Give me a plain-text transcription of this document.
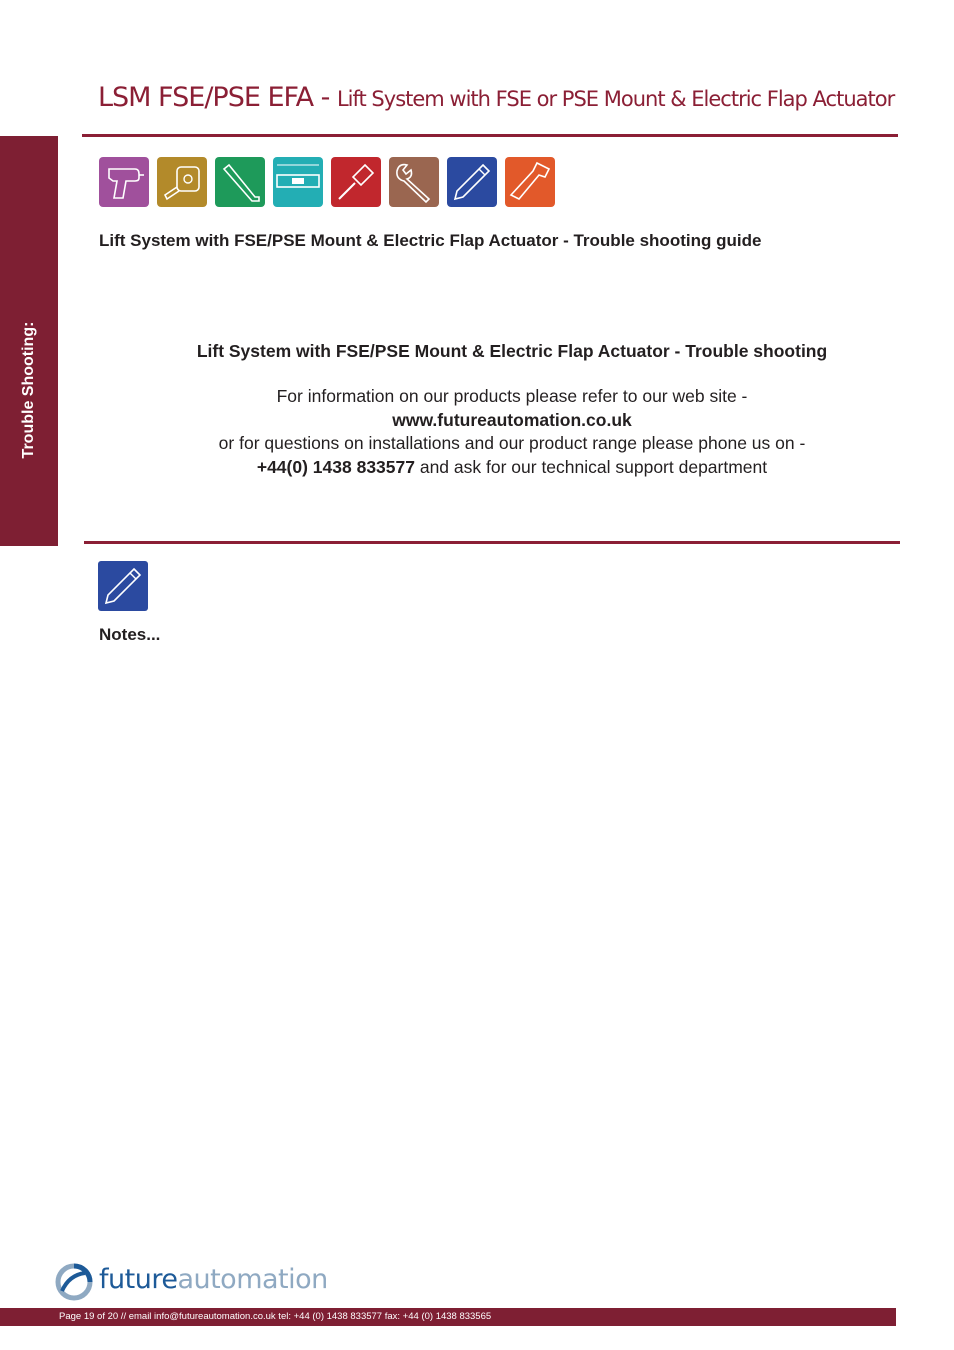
LSM FSE/PSE EFA - Lift System with FSE or PSE Mount & Electric Flap Actuator
Trouble Shooting:
Lift System with FSE/PSE Mount & Electric Flap Actuator - Trouble shooting guide
Lift System with FSE/PSE Mount & Electric Flap Actuator - Trouble shooting
For information on our products please refer to our web site -
www.futureautomation.co.uk
or for questions on installations and our product range please phone us on -
+44(0) 1438 833577 and ask for our technical support department
Notes...
futureautomation
Page 19 of 20 // email info@futureautomation.co.uk tel: +44 (0) 1438 833577 fax: +44 (0) 1438 833565
